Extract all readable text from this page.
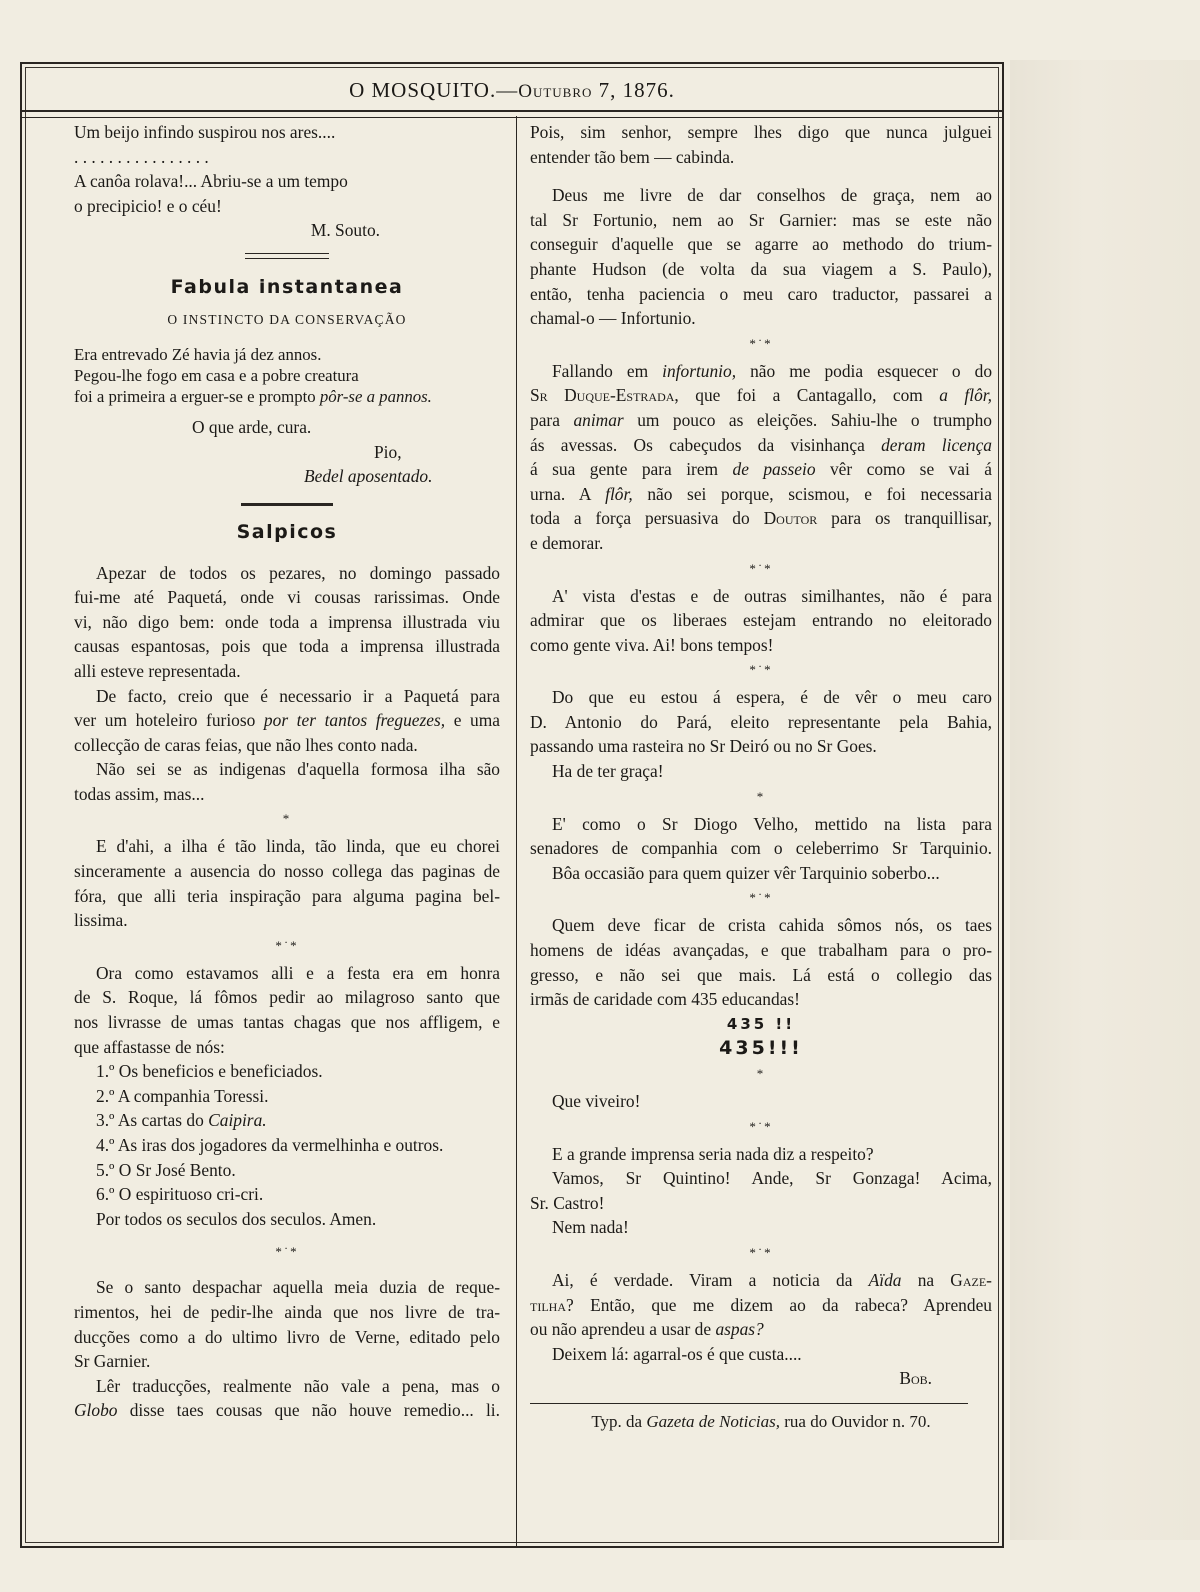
O MOSQUITO.—Outubro 7, 1876.

Um beijo infindo suspirou nos ares....

. . . . . . . . . . . . . . . .

A canôa rolava!... Abriu-se a um tempo

o precipicio! e o céu!

M. Souto.

Fabula instantanea
O INSTINCTO DA CONSERVAÇÃO

Era entrevado Zé havia já dez annos.

Pegou-lhe fogo em casa e a pobre creatura

foi a primeira a erguer-se e prompto pôr-se a pannos.

O que arde, cura.

Pio,

Bedel aposentado.

Salpicos

Apezar de todos os pezares, no domingo passado

fui-me até Paquetá, onde vi cousas rarissimas. Onde

vi, não digo bem: onde toda a imprensa illustrada viu

causas espantosas, pois que toda a imprensa illustrada

alli esteve representada.

De facto, creio que é necessario ir a Paquetá para

ver um hoteleiro furioso por ter tantos freguezes, e uma

collecção de caras feias, que não lhes conto nada.

Não sei se as indigenas d'aquella formosa ilha são

todas assim, mas...

*

E d'ahi, a ilha é tão linda, tão linda, que eu chorei

sinceramente a ausencia do nosso collega das paginas de

fóra, que alli teria inspiração para alguma pagina bel-

lissima.

*˙*

Ora como estavamos alli e a festa era em honra

de S. Roque, lá fômos pedir ao milagroso santo que

nos livrasse de umas tantas chagas que nos affligem, e

que affastasse de nós:

1.º Os beneficios e beneficiados.

2.º A companhia Toressi.

3.º As cartas do Caipira.

4.º As iras dos jogadores da vermelhinha e outros.

5.º O Sr José Bento.

6.º O espirituoso cri-cri.

Por todos os seculos dos seculos. Amen.

*˙*

Se o santo despachar aquella meia duzia de reque-

rimentos, hei de pedir-lhe ainda que nos livre de tra-

ducções como a do ultimo livro de Verne, editado pelo

Sr Garnier.

Lêr traducções, realmente não vale a pena, mas o

Globo disse taes cousas que não houve remedio... li.

Pois, sim senhor, sempre lhes digo que nunca julguei

entender tão bem — cabinda.

Deus me livre de dar conselhos de graça, nem ao

tal Sr Fortunio, nem ao Sr Garnier: mas se este não

conseguir d'aquelle que se agarre ao methodo do trium-

phante Hudson (de volta da sua viagem a S. Paulo),

então, tenha paciencia o meu caro traductor, passarei a

chamal-o — Infortunio.

*˙*

Fallando em infortunio, não me podia esquecer o do

Sr Duque-Estrada, que foi a Cantagallo, com a flôr,

para animar um pouco as eleições. Sahiu-lhe o trumpho

ás avessas. Os cabeçudos da visinhança deram licença

á sua gente para irem de passeio vêr como se vai á

urna. A flôr, não sei porque, scismou, e foi necessaria

toda a força persuasiva do Doutor para os tranquillisar,

e demorar.

*˙*

A' vista d'estas e de outras similhantes, não é para

admirar que os liberaes estejam entrando no eleitorado

como gente viva. Ai! bons tempos!

*˙*

Do que eu estou á espera, é de vêr o meu caro

D. Antonio do Pará, eleito representante pela Bahia,

passando uma rasteira no Sr Deiró ou no Sr Goes.

Ha de ter graça!

*

E' como o Sr Diogo Velho, mettido na lista para

senadores de companhia com o celeberrimo Sr Tarquinio.

Bôa occasião para quem quizer vêr Tarquinio soberbo...

*˙*

Quem deve ficar de crista cahida sômos nós, os taes

homens de idéas avançadas, e que trabalham para o pro-

gresso, e não sei que mais. Lá está o collegio das

irmãs de caridade com 435 educandas!

435 !!

435!!!

*

Que viveiro!

*˙*

E a grande imprensa seria nada diz a respeito?

Vamos, Sr Quintino! Ande, Sr Gonzaga! Acima,

Sr. Castro!

Nem nada!

*˙*

Ai, é verdade. Viram a noticia da Aïda na Gaze-

tilha? Então, que me dizem ao da rabeca? Aprendeu

ou não aprendeu a usar de aspas?

Deixem lá: agarral-os é que custa....

Bob.

Typ. da Gazeta de Noticias, rua do Ouvidor n. 70.
